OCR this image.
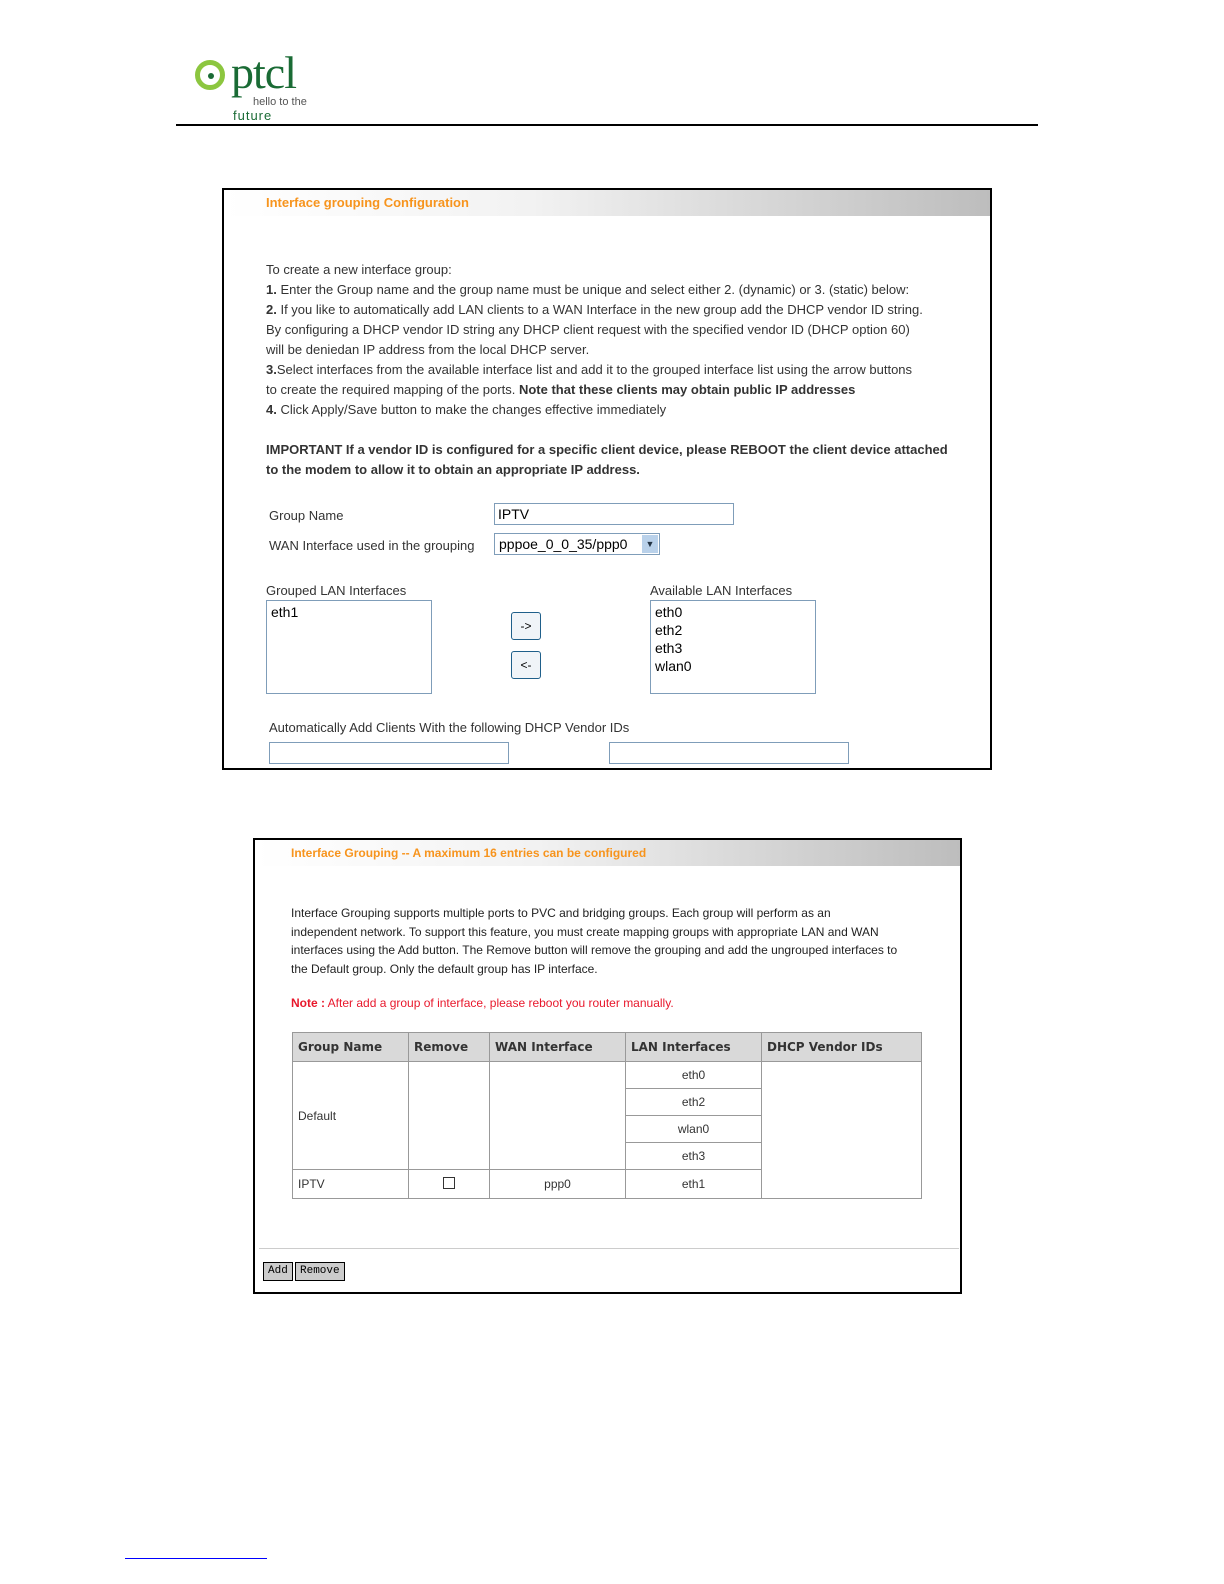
ptcl
hello to the
future
Interface grouping Configuration
To create a new interface group:
1. Enter the Group name and the group name must be unique and select either 2. (dynamic) or 3. (static) below:
2. If you like to automatically add LAN clients to a WAN Interface in the new group add the DHCP vendor ID string.
By configuring a DHCP vendor ID string any DHCP client request with the specified vendor ID (DHCP option 60)
will be deniedan IP address from the local DHCP server.
3.Select interfaces from the available interface list and add it to the grouped interface list using the arrow buttons
to create the required mapping of the ports. Note that these clients may obtain public IP addresses
4. Click Apply/Save button to make the changes effective immediately
IMPORTANT If a vendor ID is configured for a specific client device, please REBOOT the client device attached
to the modem to allow it to obtain an appropriate IP address.
Group Name
IPTV
WAN Interface used in the grouping	pppoe_0_0_35/ppp0	▼
Grouped LAN Interfaces
eth1
->
<-
Available LAN Interfaces
eth0
eth2
eth3
wlan0
Automatically Add Clients With the following DHCP Vendor IDs
Interface Grouping -- A maximum 16 entries can be configured
Interface Grouping supports multiple ports to PVC and bridging groups. Each group will perform as an
independent network. To support this feature, you must create mapping groups with appropriate LAN and WAN
interfaces using the Add button. The Remove button will remove the grouping and add the ungrouped interfaces to
the Default group. Only the default group has IP interface.
Note : After add a group of interface, please reboot you router manually.
Group Name	Remove	WAN Interface	LAN Interfaces	DHCP Vendor IDs
Default			eth0	
			eth2	
			wlan0	
			eth3	
IPTV		ppp0	eth1	
Add	Remove
